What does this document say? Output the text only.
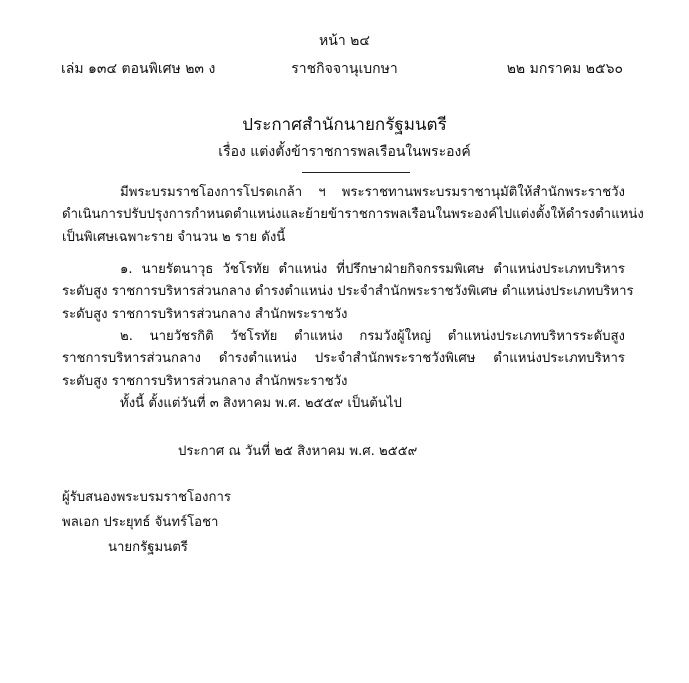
หน้า ๒๔
เล่ม ๑๓๔ ตอนพิเศษ ๒๓ ง	ราชกิจจานุเบกษา	๒๒ มกราคม ๒๕๖๐
ประกาศสำนักนายกรัฐมนตรี
เรื่อง แต่งตั้งข้าราชการพลเรือนในพระองค์
มีพระบรมราชโองการโปรดเกล้า ฯ พระราชทานพระบรมราชานุมัติให้สำนักพระราชวัง
ดำเนินการปรับปรุงการกำหนดตำแหน่งและย้ายข้าราชการพลเรือนในพระองค์ไปแต่งตั้งให้ดำรงตำแหน่ง
เป็นพิเศษเฉพาะราย จำนวน ๒ ราย ดังนี้
๑. นายรัตนาวุธ วัชโรทัย ตำแหน่ง ที่ปรึกษาฝ่ายกิจกรรมพิเศษ ตำแหน่งประเภทบริหาร
ระดับสูง ราชการบริหารส่วนกลาง ดำรงตำแหน่ง ประจำสำนักพระราชวังพิเศษ ตำแหน่งประเภทบริหาร
ระดับสูง ราชการบริหารส่วนกลาง สำนักพระราชวัง
๒. นายวัชรกิติ วัชโรทัย ตำแหน่ง กรมวังผู้ใหญ่ ตำแหน่งประเภทบริหารระดับสูง
ราชการบริหารส่วนกลาง ดำรงตำแหน่ง ประจำสำนักพระราชวังพิเศษ ตำแหน่งประเภทบริหาร
ระดับสูง ราชการบริหารส่วนกลาง สำนักพระราชวัง
ทั้งนี้ ตั้งแต่วันที่ ๓ สิงหาคม พ.ศ. ๒๕๕๙ เป็นต้นไป
ประกาศ ณ วันที่ ๒๕ สิงหาคม พ.ศ. ๒๕๕๙
ผู้รับสนองพระบรมราชโองการ
พลเอก ประยุทธ์ จันทร์โอชา
นายกรัฐมนตรี
